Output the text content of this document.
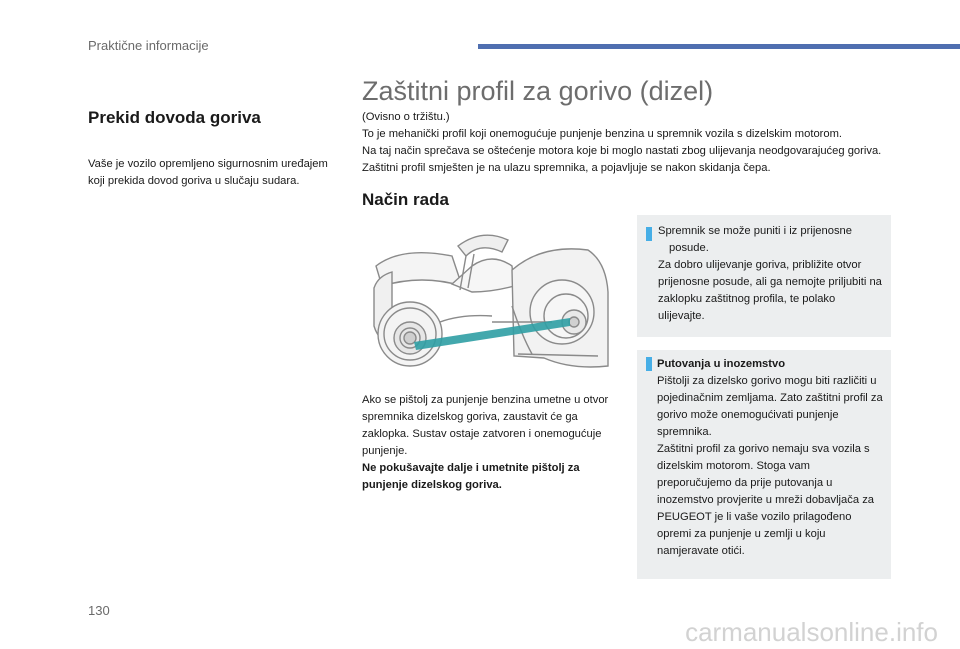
Praktične informacije
Prekid dovoda goriva
Vaše je vozilo opremljeno sigurnosnim uređajem koji prekida dovod goriva u slučaju sudara.
Zaštitni profil za gorivo (dizel)
(Ovisno o tržištu.)
To je mehanički profil koji onemogućuje punjenje benzina u spremnik vozila s dizelskim motorom.
Na taj način sprečava se oštećenje motora koje bi moglo nastati zbog ulijevanja neodgovarajućeg goriva.
Zaštitni profil smješten je na ulazu spremnika, a pojavljuje se nakon skidanja čepa.
Način rada
Ako se pištolj za punjenje benzina umetne u otvor spremnika dizelskog goriva, zaustavit će ga zaklopka. Sustav ostaje zatvoren i onemogućuje punjenje.
Ne pokušavajte dalje i umetnite pištolj za punjenje dizelskog goriva.
Spremnik se može puniti i iz prijenosne
posude.
Za dobro ulijevanje goriva, približite otvor prijenosne posude, ali ga nemojte priljubiti na zaklopku zaštitnog profila, te polako ulijevajte.
Putovanja u inozemstvo
Pištolji za dizelsko gorivo mogu biti različiti u pojedinačnim zemljama. Zato zaštitni profil za gorivo može onemogućivati punjenje spremnika.
Zaštitni profil za gorivo nemaju sva vozila s dizelskim motorom. Stoga vam preporučujemo da prije putovanja u inozemstvo provjerite u mreži dobavljača za PEUGEOT je li vaše vozilo prilagođeno opremi za punjenje u zemlji u koju namjeravate otići.
130
carmanualsonline.info
